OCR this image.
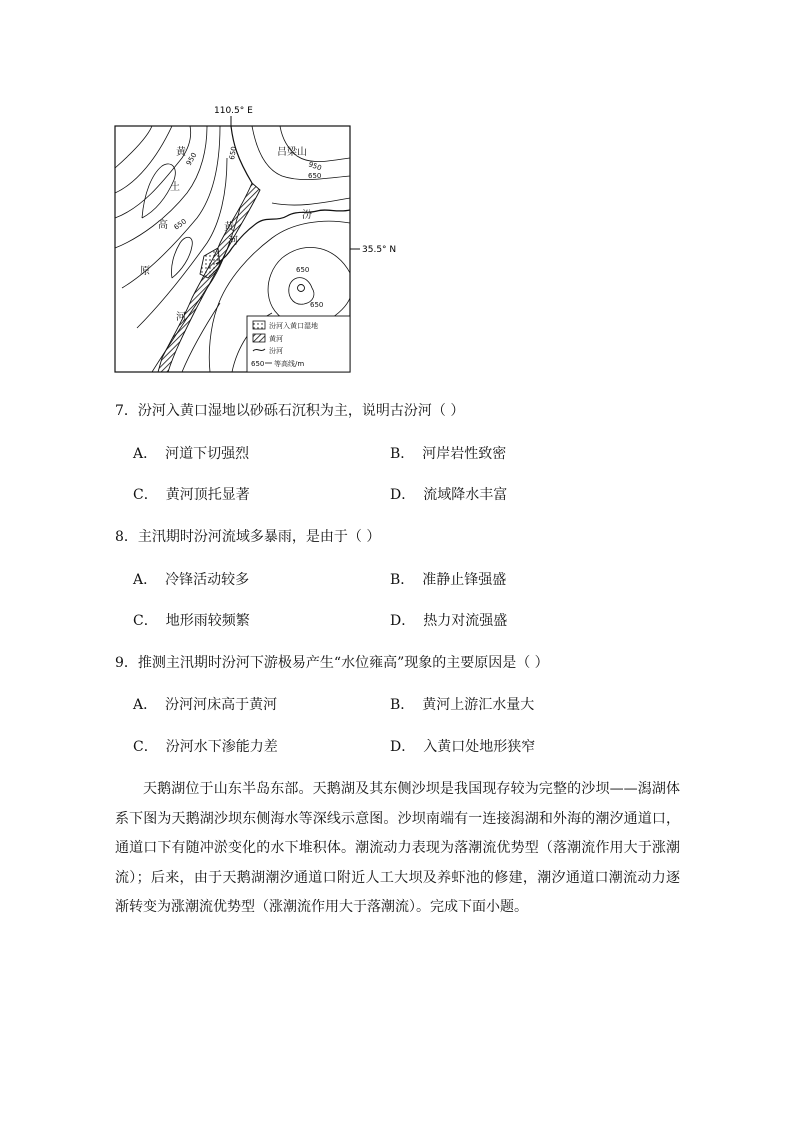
110.5° E
35.5° N
吕梁山
汾
黄
河
黄
土
高
原
河
950	650
950
650
650
650
650
汾河入黄口湿地
黄河
汾河
650 等高线/m
7．汾河入黄口湿地以砂砾石沉积为主，说明古汾河（ ）
A． 河道下切强烈	B． 河岸岩性致密
C． 黄河顶托显著	D． 流域降水丰富
8．主汛期时汾河流域多暴雨，是由于（ ）
A． 冷锋活动较多	B． 准静止锋强盛
C． 地形雨较频繁	D． 热力对流强盛
9．推测主汛期时汾河下游极易产生“水位雍高”现象的主要原因是（ ）
A． 汾河河床高于黄河	B． 黄河上游汇水量大
C． 汾河水下渗能力差	D． 入黄口处地形狭窄
天鹅湖位于山东半岛东部。天鹅湖及其东侧沙坝是我国现存较为完整的沙坝——潟湖体系下图为天鹅湖沙坝东侧海水等深线示意图。沙坝南端有一连接潟湖和外海的潮汐通道口，通道口下有随冲淤变化的水下堆积体。潮流动力表现为落潮流优势型（落潮流作用大于涨潮流）；后来，由于天鹅湖潮汐通道口附近人工大坝及养虾池的修建，潮汐通道口潮流动力逐渐转变为涨潮流优势型（涨潮流作用大于落潮流）。完成下面小题。
